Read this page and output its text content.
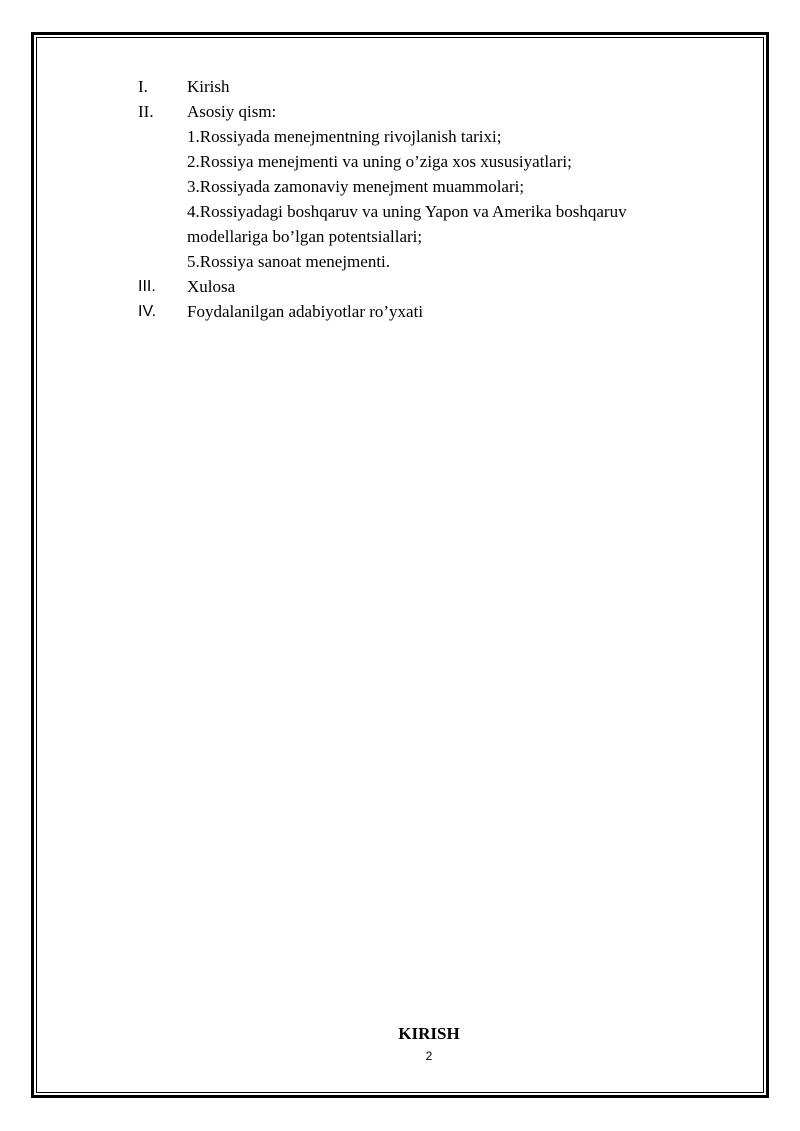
I. Kirish
II. Asosiy qism:
1.Rossiyada menejmentning rivojlanish tarixi;
2.Rossiya menejmenti va uning o’ziga xos xususiyatlari;
3.Rossiyada zamonaviy menejment muammolari;
4.Rossiyadagi boshqaruv va uning Yapon va Amerika boshqaruv
modellariga bo’lgan potentsiallari;
5.Rossiya sanoat menejmenti.
III. Xulosa
IV. Foydalanilgan adabiyotlar ro’yxati
KIRISH
2
